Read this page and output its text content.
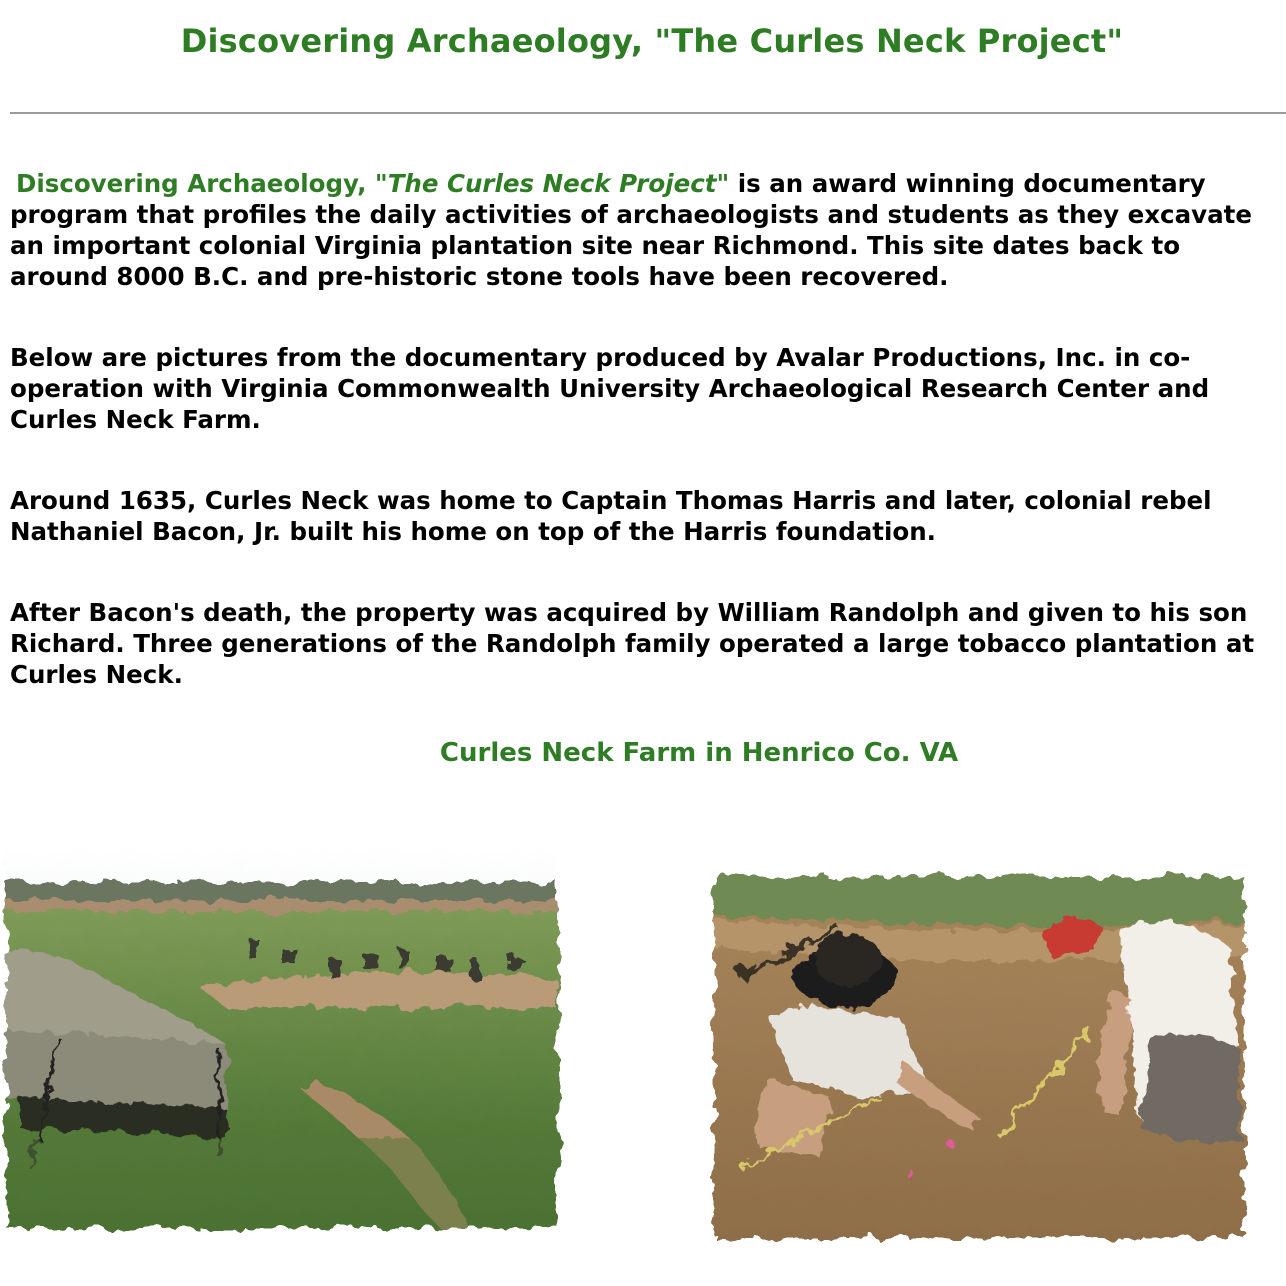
Discovering Archaeology, "The Curles Neck Project"

Discovering Archaeology, "The Curles Neck Project" is an award winning documentary program that profiles the daily activities of archaeologists and students as they excavate an important colonial Virginia plantation site near Richmond. This site dates back to around 8000 B.C. and pre-historic stone tools have been recovered.

Below are pictures from the documentary produced by Avalar Productions, Inc. in co-operation with Virginia Commonwealth University Archaeological Research Center and Curles Neck Farm.

Around 1635, Curles Neck was home to Captain Thomas Harris and later, colonial rebel Nathaniel Bacon, Jr. built his home on top of the Harris foundation.

After Bacon's death, the property was acquired by William Randolph and given to his son Richard. Three generations of the Randolph family operated a large tobacco plantation at Curles Neck.

Curles Neck Farm in Henrico Co. VA
